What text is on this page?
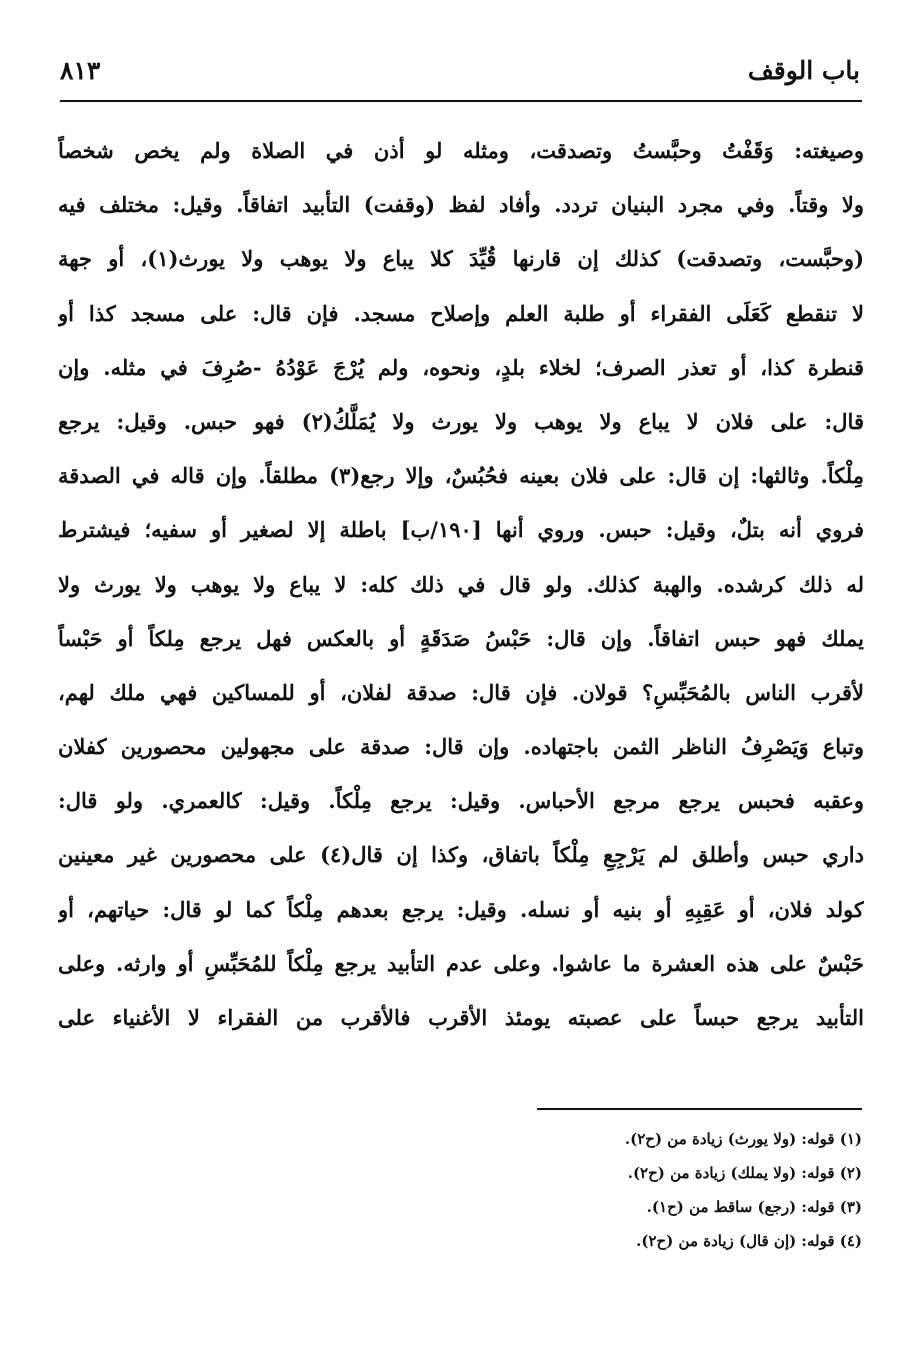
باب الوقف
٨١٣
وصيغته: وَقَفْتُ وحبَّستُ وتصدقت، ومثله لو أذن في الصلاة ولم يخص شخصاً
ولا وقتاً. وفي مجرد البنيان تردد. وأفاد لفظ (وقفت) التأبيد اتفاقاً. وقيل: مختلف فيه
(وحبَّست، وتصدقت) كذلك إن قارنها قُيِّدَ كلا يباع ولا يوهب ولا يورث(١)، أو جهة
لا تنقطع كَعَلَى الفقراء أو طلبة العلم وإصلاح مسجد. فإن قال: على مسجد كذا أو
قنطرة كذا، أو تعذر الصرف؛ لخلاء بلدٍ، ونحوه، ولم يُرْجَ عَوْدُهُ -صُرِفَ في مثله. وإن
قال: على فلان لا يباع ولا يوهب ولا يورث ولا يُمَلَّكُ(٢) فهو حبس. وقيل: يرجع
مِلْكاً. وثالثها: إن قال: على فلان بعينه فحُبُسٌ، وإلا رجع(٣) مطلقاً. وإن قاله في الصدقة
فروي أنه بتلٌ، وقيل: حبس. وروي أنها [١٩٠/ب] باطلة إلا لصغير أو سفيه؛ فيشترط
له ذلك كرشده. والهبة كذلك. ولو قال في ذلك كله: لا يباع ولا يوهب ولا يورث ولا
يملك فهو حبس اتفاقاً. وإن قال: حَبْسُ صَدَقَةٍ أو بالعكس فهل يرجع مِلكاً أو حَبْساً
لأقرب الناس بالمُحَبِّسِ؟ قولان. فإن قال: صدقة لفلان، أو للمساكين فهي ملك لهم،
وتباع وَيَصْرِفُ الناظر الثمن باجتهاده. وإن قال: صدقة على مجهولين محصورين كفلان
وعقبه فحبس يرجع مرجع الأحباس. وقيل: يرجع مِلْكاً. وقيل: كالعمري. ولو قال:
داري حبس وأطلق لم يَرْجِعِ مِلْكاً باتفاق، وكذا إن قال(٤) على محصورين غير معينين
كولد فلان، أو عَقِبِهِ أو بنيه أو نسله. وقيل: يرجع بعدهم مِلْكاً كما لو قال: حياتهم، أو
حَبْسٌ على هذه العشرة ما عاشوا. وعلى عدم التأبيد يرجع مِلْكاً للمُحَبِّسِ أو وارثه. وعلى
التأبيد يرجع حبساً على عصبته يومئذ الأقرب فالأقرب من الفقراء لا الأغنياء على
(١) قوله: (ولا يورث) زيادة من (ح٢).
(٢) قوله: (ولا يملك) زيادة من (ح٢).
(٣) قوله: (رجع) ساقط من (ح١).
(٤) قوله: (إن قال) زيادة من (ح٢).
